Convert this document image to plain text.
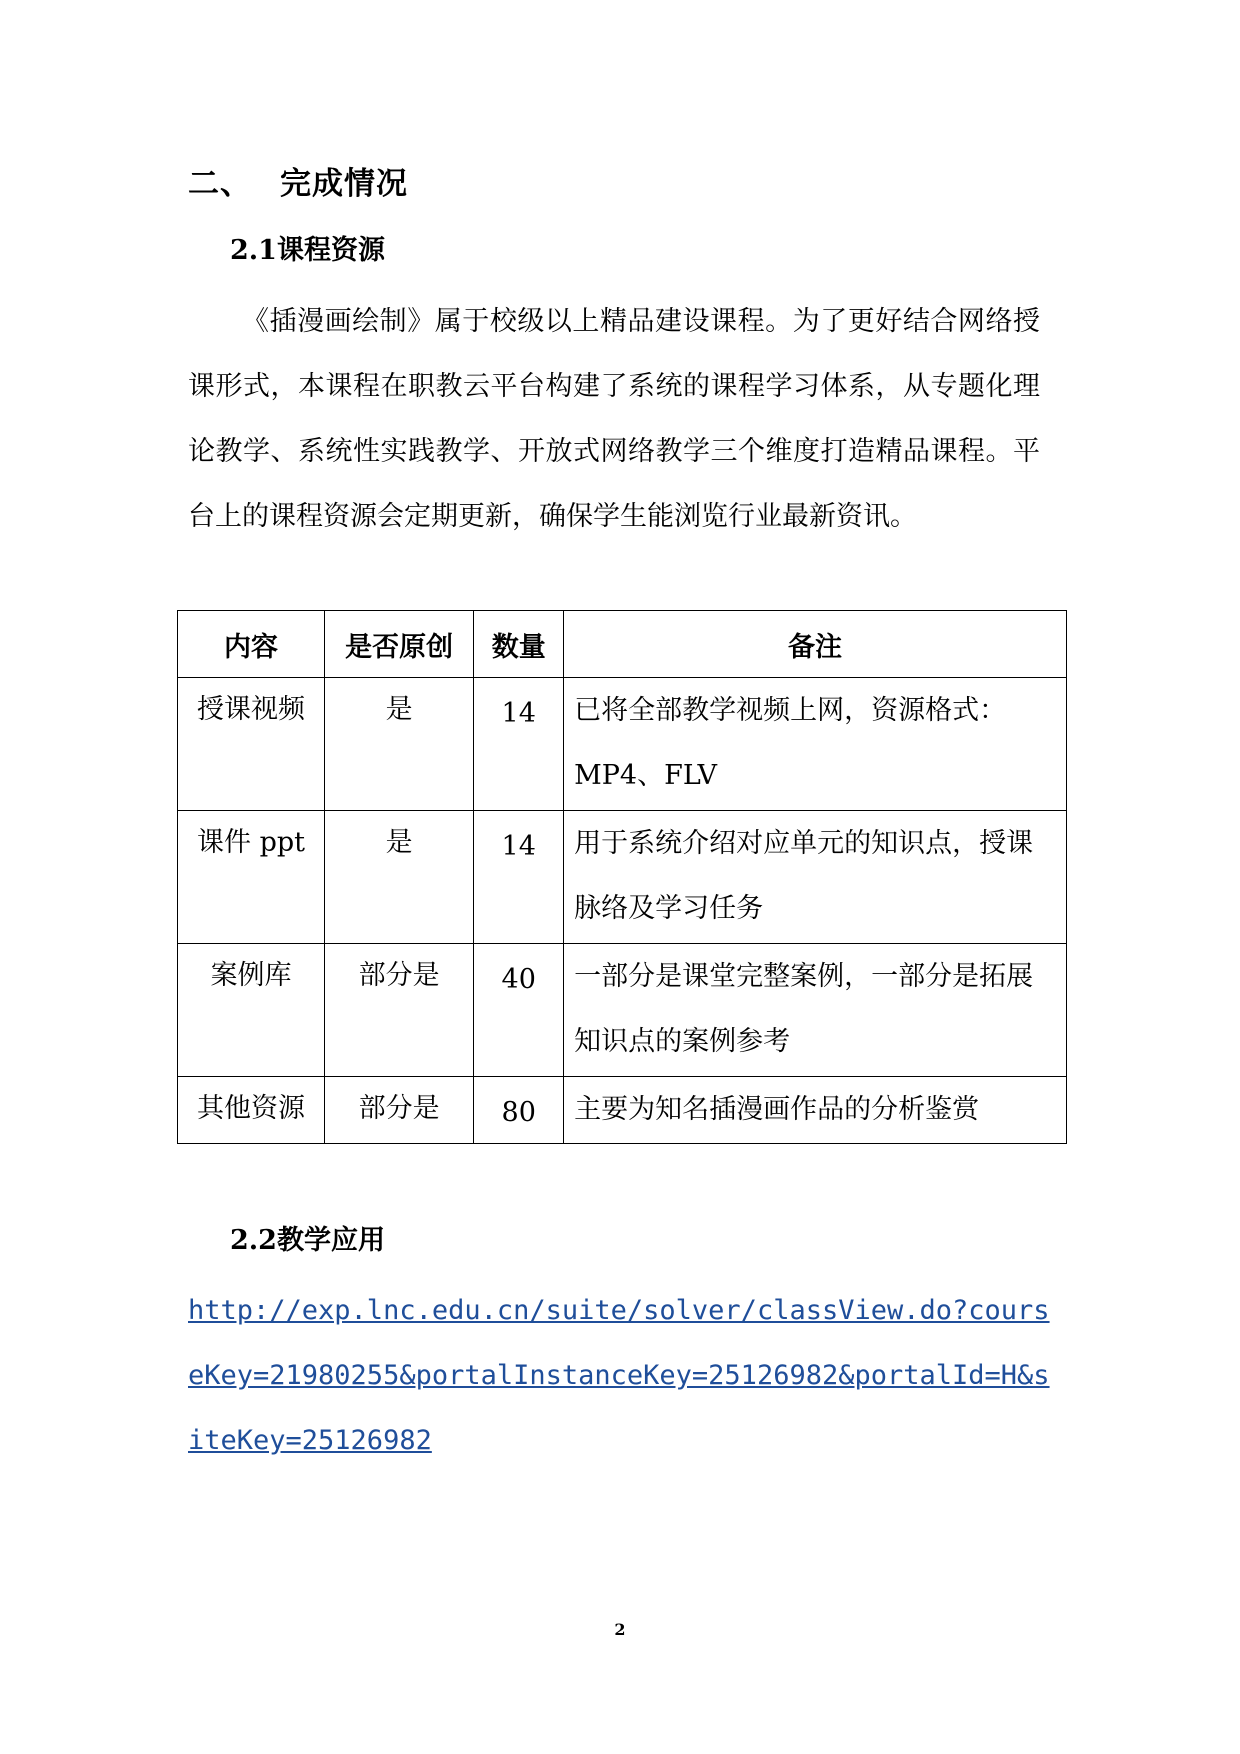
二、 完成情况
2.1课程资源

《插漫画绘制》属于校级以上精品建设课程。为了更好结合网络授课形式，本课程在职教云平台构建了系统的课程学习体系，从专题化理论教学、系统性实践教学、开放式网络教学三个维度打造精品课程。平台上的课程资源会定期更新，确保学生能浏览行业最新资讯。

内容	是否原创	数量	备注

授课视频	是	14	已将全部教学视频上网，资源格式：MP4、FLV

课件 ppt	是	14	用于系统介绍对应单元的知识点，授课脉络及学习任务

案例库	部分是	40	一部分是课堂完整案例，一部分是拓展知识点的案例参考

其他资源	部分是	80	主要为知名插漫画作品的分析鉴赏
2.2教学应用
http://exp.lnc.edu.cn/suite/solver/classView.do?courseKey=21980255&portalInstanceKey=25126982&portalId=H&siteKey=25126982
2
